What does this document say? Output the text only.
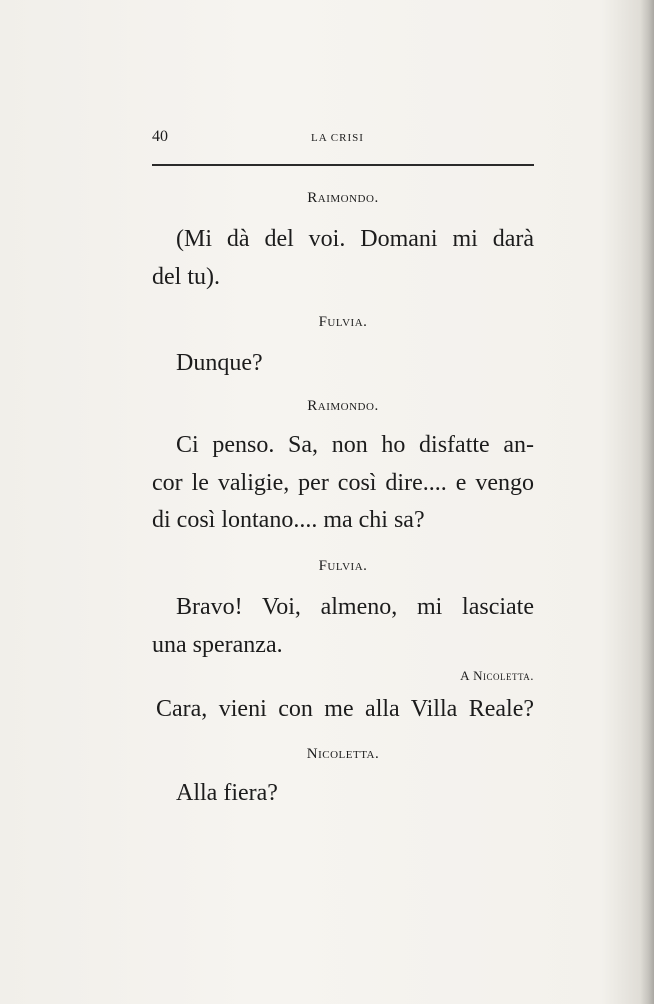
40	LA CRISI
Raimondo.
(Mi dà del voi. Domani mi darà
del tu).
Fulvia.
Dunque?
Raimondo.
Ci penso. Sa, non ho disfatte an-
cor le valigie, per così dire.... e vengo
di così lontano.... ma chi sa?
Fulvia.
Bravo! Voi, almeno, mi lasciate
una speranza.
A Nicoletta.
Cara, vieni con me alla Villa Reale?
Nicoletta.
Alla fiera?
